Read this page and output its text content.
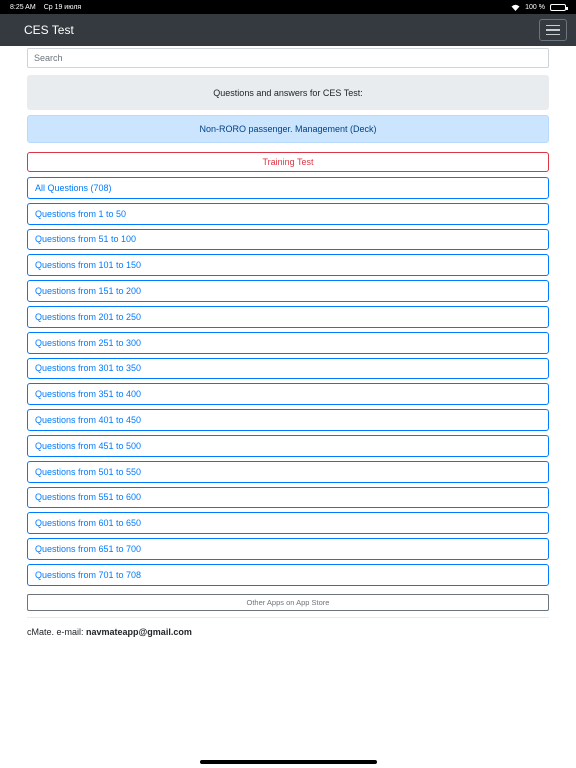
8:25 AM Ср 19 июля	100 %
CES Test
Search
Questions and answers for CES Test:
Non-RORO passenger. Management (Deck)
Training Test
All Questions (708)
Questions from 1 to 50
Questions from 51 to 100
Questions from 101 to 150
Questions from 151 to 200
Questions from 201 to 250
Questions from 251 to 300
Questions from 301 to 350
Questions from 351 to 400
Questions from 401 to 450
Questions from 451 to 500
Questions from 501 to 550
Questions from 551 to 600
Questions from 601 to 650
Questions from 651 to 700
Questions from 701 to 708
Other Apps on App Store
cMate. e-mail: navmateapp@gmail.com
